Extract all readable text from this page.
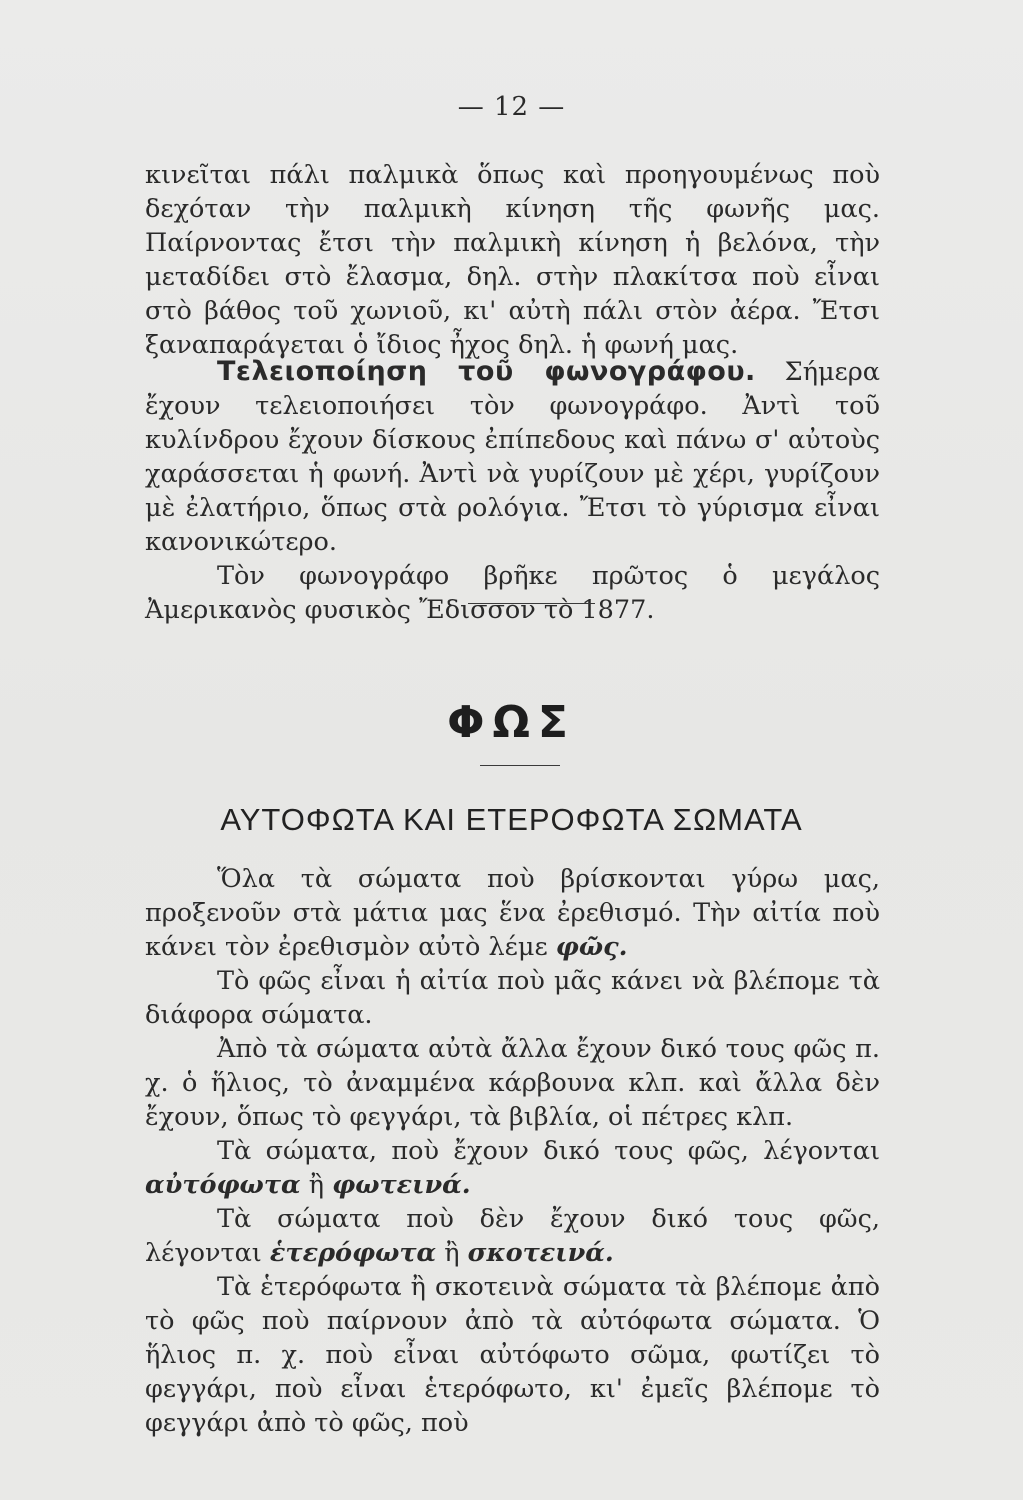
— 12 —

κινεῖται πάλι παλμικὰ ὅπως καὶ προηγουμένως ποὺ δεχόταν τὴν παλμικὴ κίνηση τῆς φωνῆς μας. Παίρνοντας ἔτσι τὴν παλμικὴ κίνηση ἡ βελόνα, τὴν μεταδίδει στὸ ἔλασμα, δηλ. στὴν πλακίτσα ποὺ εἶναι στὸ βάθος τοῦ χωνιοῦ, κι' αὐτὴ πάλι στὸν ἀέρα. Ἔτσι ξαναπαράγεται ὁ ἴδιος ἦχος δηλ. ἡ φωνή μας.

Τελειοποίηση τοῦ φωνογράφου. Σήμερα ἔχουν τελειοποιήσει τὸν φωνογράφο. Ἀντὶ τοῦ κυλίνδρου ἔχουν δίσκους ἐπίπεδους καὶ πάνω σ' αὐτοὺς χαράσσεται ἡ φωνή. Ἀντὶ νὰ γυρίζουν μὲ χέρι, γυρίζουν μὲ ἐλατήριο, ὅπως στὰ ρολόγια. Ἔτσι τὸ γύρισμα εἶναι κανονικώτερο.

Τὸν φωνογράφο βρῆκε πρῶτος ὁ μεγάλος Ἀμερικανὸς φυσικὸς Ἔδισσον τὸ 1877.

ΦΩΣ
ΑΥΤΟΦΩΤΑ ΚΑΙ ΕΤΕΡΟΦΩΤΑ ΣΩΜΑΤΑ

Ὅλα τὰ σώματα ποὺ βρίσκονται γύρω μας, προξενοῦν στὰ μάτια μας ἕνα ἐρεθισμό. Τὴν αἰτία ποὺ κάνει τὸν ἐρεθισμὸν αὐτὸ λέμε φῶς.

Τὸ φῶς εἶναι ἡ αἰτία ποὺ μᾶς κάνει νὰ βλέπομε τὰ διάφορα σώματα.

Ἀπὸ τὰ σώματα αὐτὰ ἄλλα ἔχουν δικό τους φῶς π. χ. ὁ ἥλιος, τὸ ἀναμμένα κάρβουνα κλπ. καὶ ἄλλα δὲν ἔχουν, ὅπως τὸ φεγγάρι, τὰ βιβλία, οἱ πέτρες κλπ.

Τὰ σώματα, ποὺ ἔχουν δικό τους φῶς, λέγονται αὐτόφωτα ἢ φωτεινά.

Τὰ σώματα ποὺ δὲν ἔχουν δικό τους φῶς, λέγονται ἑτερόφωτα ἢ σκοτεινά.

Τὰ ἑτερόφωτα ἢ σκοτεινὰ σώματα τὰ βλέπομε ἀπὸ τὸ φῶς ποὺ παίρνουν ἀπὸ τὰ αὐτόφωτα σώματα. Ὁ ἥλιος π. χ. ποὺ εἶναι αὐτόφωτο σῶμα, φωτίζει τὸ φεγγάρι, ποὺ εἶναι ἑτερόφωτο, κι' ἐμεῖς βλέπομε τὸ φεγγάρι ἀπὸ τὸ φῶς, ποὺ
